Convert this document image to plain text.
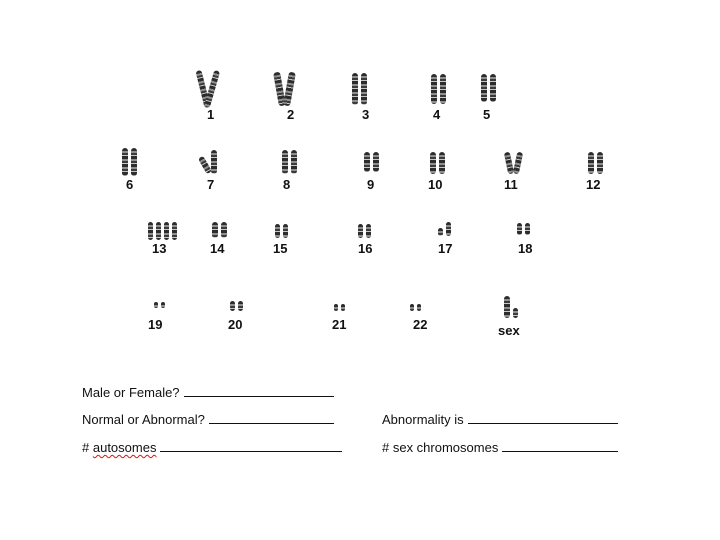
1	2	3	4	5
6	7	8	9	10	11	12
13	14	15	16	17	18
19	20	21	22	sex
Male or Female?
Normal or Abnormal?	Abnormality is
# autosomes	# sex chromosomes
